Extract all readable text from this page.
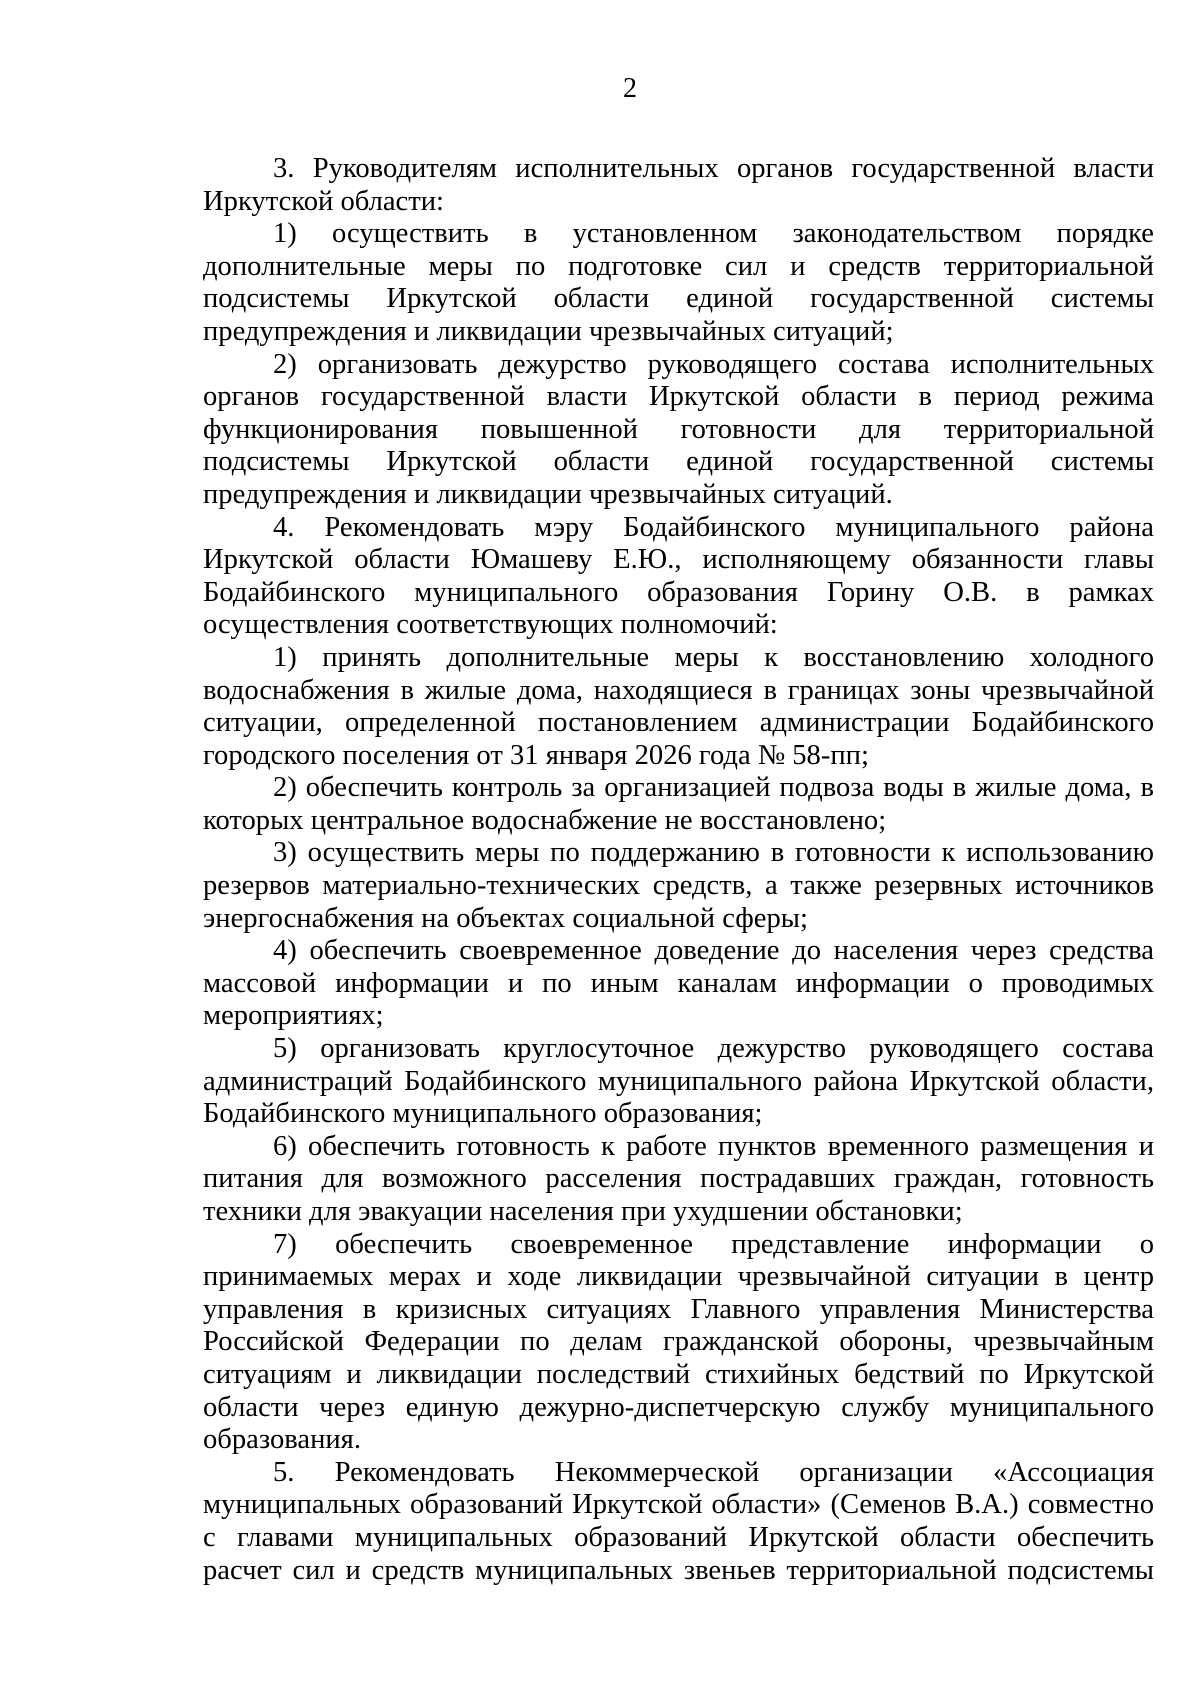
2

3. Руководителям исполнительных органов государственной власти Иркутской области:

1) осуществить в установленном законодательством порядке дополнительные меры по подготовке сил и средств территориальной подсистемы Иркутской области единой государственной системы предупреждения и ликвидации чрезвычайных ситуаций;

2) организовать дежурство руководящего состава исполнительных органов государственной власти Иркутской области в период режима функционирования повышенной готовности для территориальной подсистемы Иркутской области единой государственной системы предупреждения и ликвидации чрезвычайных ситуаций.

4. Рекомендовать мэру Бодайбинского муниципального района Иркутской области Юмашеву Е.Ю., исполняющему обязанности главы Бодайбинского муниципального образования Горину О.В. в рамках осуществления соответствующих полномочий:

1) принять дополнительные меры к восстановлению холодного водоснабжения в жилые дома, находящиеся в границах зоны чрезвычайной ситуации, определенной постановлением администрации Бодайбинского городского поселения от 31 января 2026 года № 58-пп;

2) обеспечить контроль за организацией подвоза воды в жилые дома, в которых центральное водоснабжение не восстановлено;

3) осуществить меры по поддержанию в готовности к использованию резервов материально-технических средств, а также резервных источников энергоснабжения на объектах социальной сферы;

4) обеспечить своевременное доведение до населения через средства массовой информации и по иным каналам информации о проводимых мероприятиях;

5) организовать круглосуточное дежурство руководящего состава администраций Бодайбинского муниципального района Иркутской области, Бодайбинского муниципального образования;

6) обеспечить готовность к работе пунктов временного размещения и питания для возможного расселения пострадавших граждан, готовность техники для эвакуации населения при ухудшении обстановки;

7) обеспечить своевременное представление информации о принимаемых мерах и ходе ликвидации чрезвычайной ситуации в центр управления в кризисных ситуациях Главного управления Министерства Российской Федерации по делам гражданской обороны, чрезвычайным ситуациям и ликвидации последствий стихийных бедствий по Иркутской области через единую дежурно-диспетчерскую службу муниципального образования.

5. Рекомендовать Некоммерческой организации «Ассоциация муниципальных образований Иркутской области» (Семенов В.А.) совместно с главами муниципальных образований Иркутской области обеспечить расчет сил и средств муниципальных звеньев территориальной подсистемы
